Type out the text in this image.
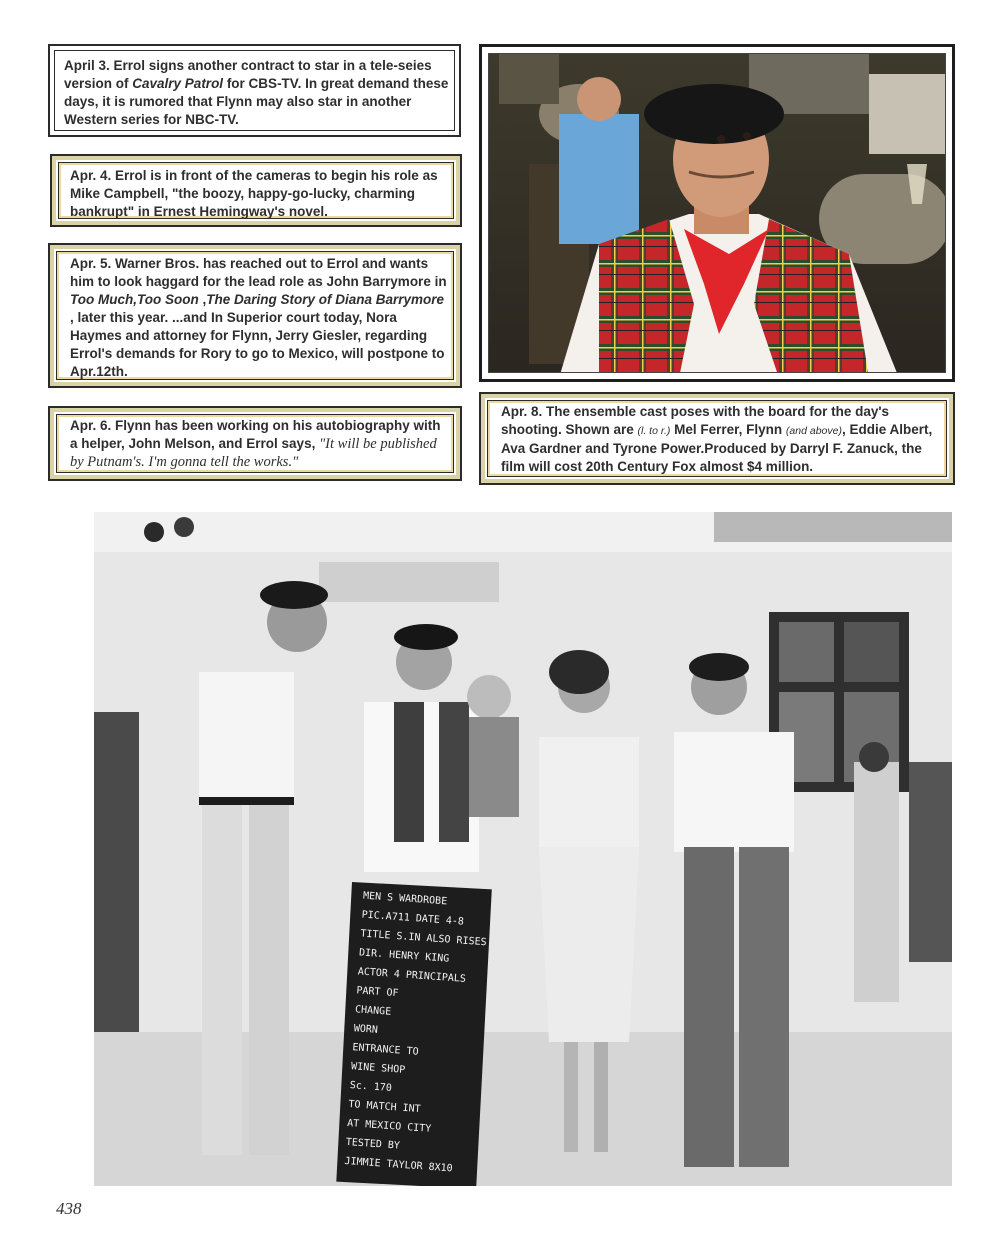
April 3. Errol signs another contract to star in a tele-seies version of Cavalry Patrol for CBS-TV. In great demand these days, it is rumored that Flynn may also star in another Western series for NBC-TV.
Apr. 4. Errol is in front of the cameras to begin his role as Mike Campbell, "the boozy, happy-go-lucky, charming bankrupt" in Ernest Hemingway's novel.
Apr. 5. Warner Bros. has reached out to Errol and wants him to look haggard for the lead role as John Barrymore in Too Much,Too Soon ,The Daring Story of Diana Barrymore , later this year. ...and In Superior court today, Nora Haymes and attorney for Flynn, Jerry Giesler, regarding Errol's demands for Rory to go to Mexico, will postpone to Apr.12th.
Apr. 6. Flynn has been working on his autobiography with a helper, John Melson, and Errol says, "It will be published by Putnam's. I'm gonna tell the works."
Apr. 8. The ensemble cast poses with the board for the day's shooting. Shown are (l. to r.) Mel Ferrer, Flynn (and above), Eddie Albert, Ava Gardner and Tyrone Power.Produced by Darryl F. Zanuck, the film will cost 20th Century Fox almost $4 million.
MEN S WARDROBE
PIC.A711 DATE 4-8
TITLE S.IN ALSO RISES
DIR. HENRY KING
ACTOR 4 PRINCIPALS
PART OF
CHANGE
WORN
ENTRANCE TO
WINE SHOP
Sc. 170
TO MATCH INT
AT MEXICO CITY
TESTED BY
JIMMIE TAYLOR 8X10
438
